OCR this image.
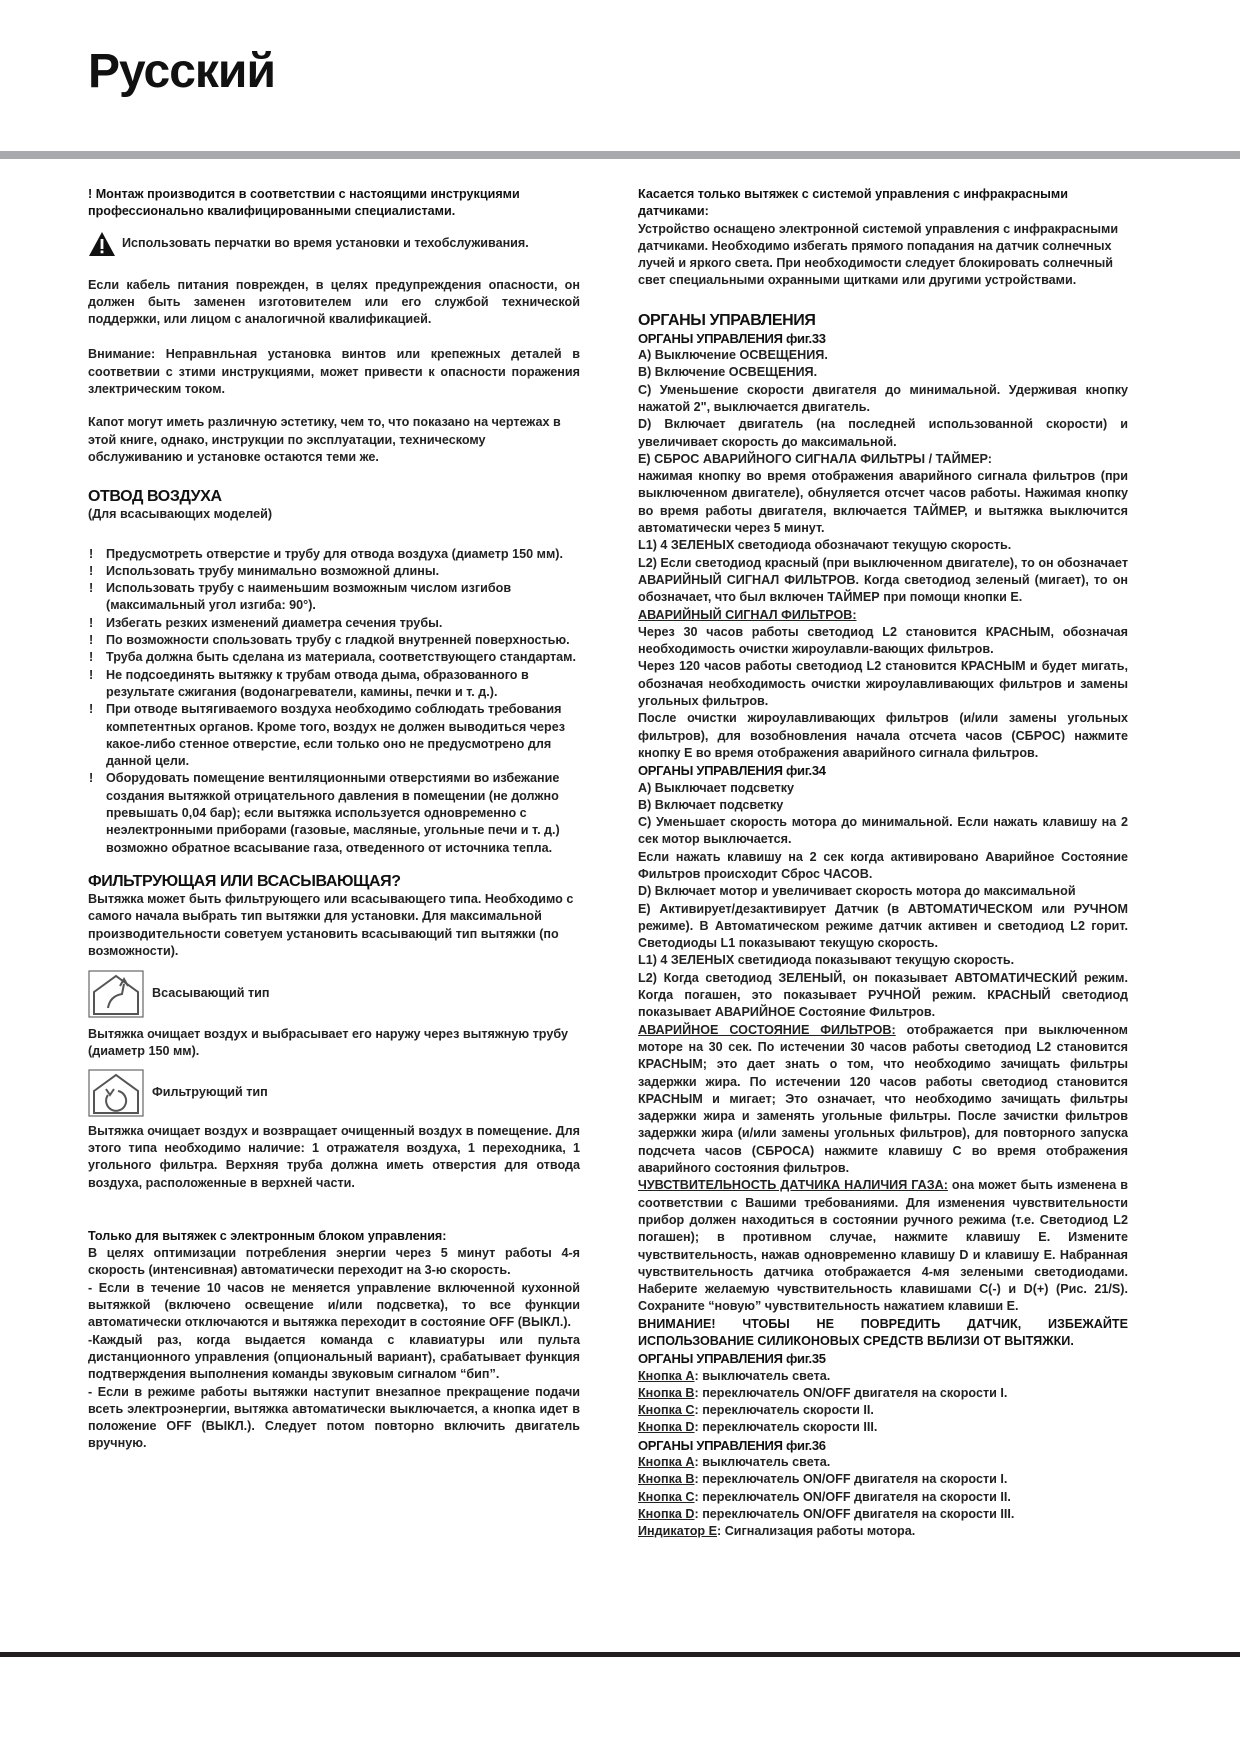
Русский

! Монтаж производится в соответствии с настоящими инструкциями профессионально квалифицированными специалистами.

Использовать перчатки во время установки и техобслуживания.

Если кабель питания поврежден, в целях предупреждения опасности, он должен быть заменен изготовителем или его службой технической поддержки, или лицом с аналогичной квалификацией.

Внимание: Неправнльная установка винтов или крепежных деталей в соответвии с зтими инструкциями, может привести к опасности поражения злектрическим током.

Капот могут иметь различную эстетику, чем то, что показано на чертежах в этой книге, однако, инструкции по эксплуатации, техническому обслуживанию и установке остаются теми же.

ОТВОД ВОЗДУХА

(Для всасывающих моделей)

! Предусмотреть отверстие и трубу для отвода воздуха (диаметр 150 мм).
! Использовать трубу минимально возможной длины.
! Использовать трубу с наименьшим возможным числом изгибов (максимальный угол изгиба: 90°).
! Избегать резких изменений диаметра сечения трубы.
! По возможности спользовать трубу с гладкой внутренней поверхностью.
! Труба должна быть сделана из материала, соответствующего стандартам.
! Не подсоединять вытяжку к трубам отвода дыма, образованного в результате сжигания (водонагреватели, камины, печки и т. д.).
! При отводе вытягиваемого воздуха необходимо соблюдать требования компетентных органов. Кроме того, воздух не должен выводиться через какое-либо стенное отверстие, если только оно не предусмотрено для данной цели.
! Оборудовать помещение вентиляционными отверстиями во избежание создания вытяжкой отрицательного давления в помещении (не должно превышать 0,04 бар); если вытяжка используется одновременно с неэлектронными приборами (газовые, масляные, угольные печи и т. д.) возможно обратное всасывание газа, отведенного от источника тепла.
ФИЛЬТРУЮЩАЯ ИЛИ ВСАСЫВАЮЩАЯ?

Вытяжка может быть фильтрующего или всасывающего типа. Необходимо с самого начала выбрать тип вытяжки для установки. Для максимальной производительности советуем установить всасывающий тип вытяжки (по возможности).

Всасывающий тип

Вытяжка очищает воздух и выбрасывает его наружу через вытяжную трубу (диаметр 150 мм).

Фильтрующий тип

Вытяжка очищает воздух и возвращает очищенный воздух в помещение. Для этого типа необходимо наличие: 1 отражателя воздуха, 1 переходника, 1 угольного фильтра. Верхняя труба должна иметь отверстия для отвода воздуха, расположенные в верхней части.

Только для вытяжек с электронным блоком управления:

В целях оптимизации потребления энергии через 5 минут работы 4-я скорость (интенсивная) автоматически переходит на 3-ю скорость.

- Если в течение 10 часов не меняется управление включенной кухонной вытяжкой (включено освещение и/или подсветка), то все функции автоматически отключаются и вытяжка переходит в состояние OFF (ВЫКЛ.).

-Каждый раз, когда выдается команда с клавиатуры или пульта дистанционного управления (опциональный вариант), срабатывает функция подтверждения выполнения команды звуковым сигналом “бип”.

- Если в режиме работы вытяжки наступит внезапное прекращение подачи всеть электроэнергии, вытяжка автоматически выключается, а кнопка идет в положение OFF (ВЫКЛ.). Следует потом повторно включить двигатель вручную.

Касается только вытяжек с системой управления с инфракрасными датчиками:

Устройство оснащено электронной системой управления с инфракрасными датчиками. Необходимо избегать прямого попадания на датчик солнечных лучей и яркого света. При необходимости следует блокировать солнечный свет специальными охранными щитками или другими устройствами.

ОРГАНЫ УПРАВЛЕНИЯ

ОРГАНЫ УПРАВЛЕНИЯ фиг.33

A) Выключение ОСВЕЩЕНИЯ.

B) Включение ОСВЕЩЕНИЯ.

C) Уменьшение скорости двигателя до минимальной. Удерживая кнопку нажатой 2", выключается двигатель.

D) Включает двигатель (на последней использованной скорости) и увеличивает скорость до максимальной.

E) СБРОС АВАРИЙНОГО СИГНАЛА ФИЛЬТРЫ / ТАЙМЕР:

нажимая кнопку во время отображения аварийного сигнала фильтров (при выключенном двигателе), обнуляется отсчет часов работы. Нажимая кнопку во время работы двигателя, включается ТАЙМЕР, и вытяжка выключится автоматически через 5 минут.

L1) 4 ЗЕЛЕНЫХ светодиода обозначают текущую скорость.

L2) Если светодиод красный (при выключенном двигателе), то он обозначает АВАРИЙНЫЙ СИГНАЛ ФИЛЬТРОВ. Когда светодиод зеленый (мигает), то он обозначает, что был включен ТАЙМЕР при помощи кнопки E.

АВАРИЙНЫЙ СИГНАЛ ФИЛЬТРОВ:

Через 30 часов работы светодиод L2 становится КРАСНЫМ, обозначая необходимость очистки жироулавли-вающих фильтров.

Через 120 часов работы светодиод L2 становится КРАСНЫМ и будет мигать, обозначая необходимость очистки жироулавливающих фильтров и замены угольных фильтров.

После очистки жироулавливающих фильтров (и/или замены угольных фильтров), для возобновления начала отсчета часов (СБРОС) нажмите кнопку E во время отображения аварийного сигнала фильтров.

ОРГАНЫ УПРАВЛЕНИЯ фиг.34

A) Выключает подсветку

B) Включает подсветку

C) Уменьшает скорость мотора до минимальной. Если нажать клавишу на 2 сек мотор выключается.

Если нажать клавишу на 2 сек когда активировано Аварийное Состояние Фильтров происходит Сброс ЧАСОВ.

D) Включает мотор и увеличивает скорость мотора до максимальной

E) Активирует/дезактивирует Датчик (в АВТОМАТИЧЕСКОМ или РУЧНОМ режиме). В Автоматическом режиме датчик активен и светодиод L2 горит. Светодиоды L1 показывают текущую скорость.

L1) 4 ЗЕЛЕНЫХ светидиода показывают текущую скорость.

L2) Когда светодиод ЗЕЛЕНЫЙ, он показывает АВТОМАТИЧЕСКИЙ режим. Когда погашен, это показывает РУЧНОЙ режим. КРАСНЫЙ светодиод показывает АВАРИЙНОЕ Состояние Фильтров.

АВАРИЙНОЕ СОСТОЯНИЕ ФИЛЬТРОВ: отображается при выключенном моторе на 30 сек. По истечении 30 часов работы светодиод L2 становится КРАСНЫМ; это дает знать о том, что необходимо зачищать фильтры задержки жира. По истечении 120 часов работы светодиод становится КРАСНЫМ и мигает; Это означает, что необходимо зачищать фильтры задержки жира и заменять угольные фильтры. После зачистки фильтров задержки жира (и/или замены угольных фильтров), для повторного запуска подсчета часов (СБРОСА) нажмите клавишу C во время отображения аварийного состояния фильтров.

ЧУВСТВИТЕЛЬНОСТЬ ДАТЧИКА НАЛИЧИЯ ГАЗА: она может быть изменена в соответствии с Вашими требованиями. Для изменения чувствительности прибор должен находиться в состоянии ручного режима (т.е. Светодиод L2 погашен); в противном случае, нажмите клавишу E. Измените чувствительность, нажав одновременно клавишу D и клавишу E. Набранная чувствительность датчика отображается 4-мя зелеными светодиодами. Наберите желаемую чувствительность клавишами C(-) и D(+) (Рис. 21/S). Сохраните “новую” чувствительность нажатием клавиши E.

ВНИМАНИЕ! ЧТОБЫ НЕ ПОВРЕДИТЬ ДАТЧИК, ИЗБЕЖАЙТЕ ИСПОЛЬЗОВАНИЕ СИЛИКОНОВЫХ СРЕДСТВ ВБЛИЗИ ОТ ВЫТЯЖКИ.

ОРГАНЫ УПРАВЛЕНИЯ фиг.35

Кнопка A: выключатель света.

Кнопка B: переключатель ON/OFF двигателя на скорости I.

Кнопка C: переключатель скорости II.

Кнопка D: переключатель скорости III.

ОРГАНЫ УПРАВЛЕНИЯ фиг.36

Кнопка A: выключатель света.

Кнопка B: переключатель ON/OFF двигателя на скорости I.

Кнопка C: переключатель ON/OFF двигателя на скорости II.

Кнопка D: переключатель ON/OFF двигателя на скорости III.

Индикатор E: Сигнализация работы мотора.
